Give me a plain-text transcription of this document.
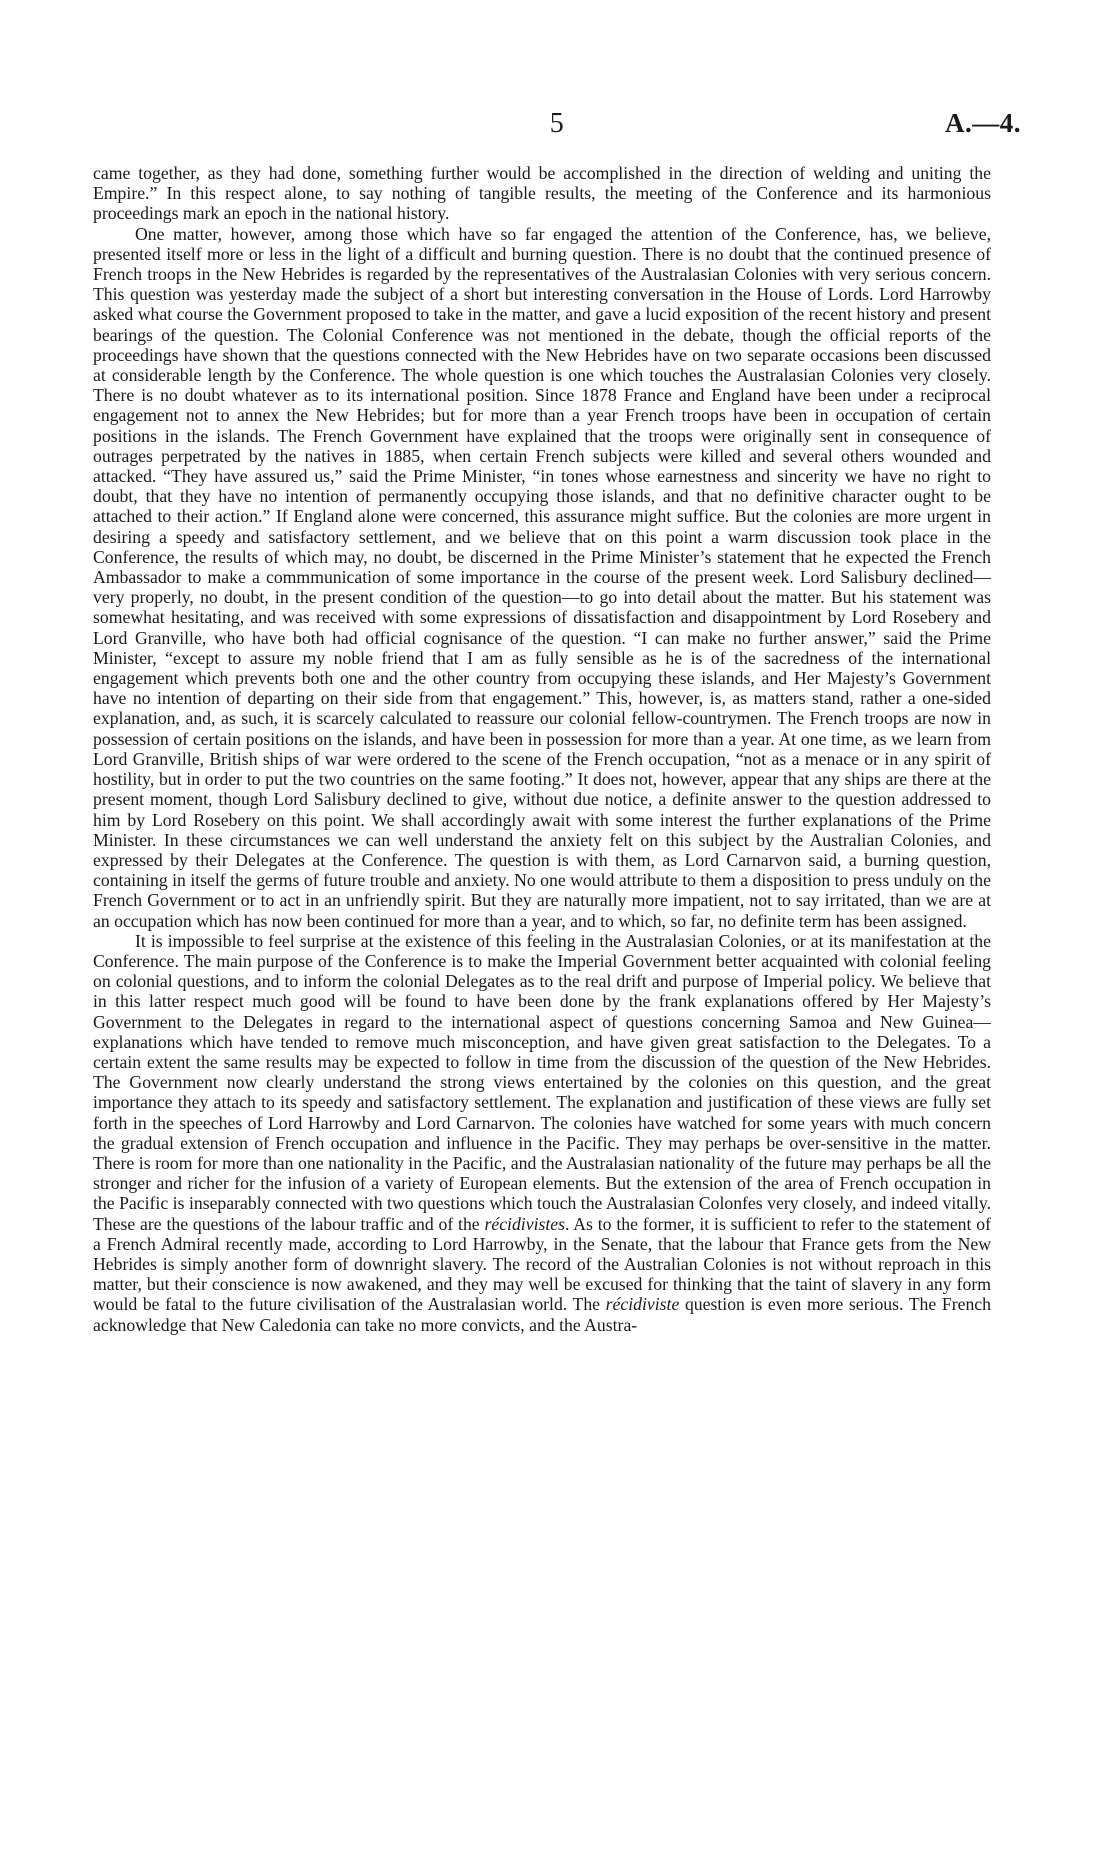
5	A.—4.

came together, as they had done, something further would be accomplished in the direction of welding and uniting the Empire.” In this respect alone, to say nothing of tangible results, the meeting of the Conference and its harmonious proceedings mark an epoch in the national history.

One matter, however, among those which have so far engaged the attention of the Conference, has, we believe, presented itself more or less in the light of a difficult and burning question. There is no doubt that the continued presence of French troops in the New Hebrides is regarded by the representatives of the Australasian Colonies with very serious concern. This question was yesterday made the subject of a short but interesting conversation in the House of Lords. Lord Harrowby asked what course the Government proposed to take in the matter, and gave a lucid exposition of the recent history and present bearings of the question. The Colonial Conference was not mentioned in the debate, though the official reports of the proceedings have shown that the questions connected with the New Hebrides have on two separate occasions been discussed at considerable length by the Conference. The whole question is one which touches the Australasian Colonies very closely. There is no doubt whatever as to its international position. Since 1878 France and England have been under a reciprocal engagement not to annex the New Hebrides; but for more than a year French troops have been in occupation of certain positions in the islands. The French Government have explained that the troops were originally sent in consequence of outrages perpetrated by the natives in 1885, when certain French subjects were killed and several others wounded and attacked. “They have assured us,” said the Prime Minister, “in tones whose earnestness and sincerity we have no right to doubt, that they have no intention of permanently occupying those islands, and that no definitive character ought to be attached to their action.” If England alone were concerned, this assurance might suffice. But the colonies are more urgent in desiring a speedy and satisfactory settlement, and we believe that on this point a warm discussion took place in the Conference, the results of which may, no doubt, be discerned in the Prime Minister’s statement that he expected the French Ambassador to make a commmunication of some importance in the course of the present week. Lord Salisbury declined—very properly, no doubt, in the present condition of the question—to go into detail about the matter. But his statement was somewhat hesitating, and was received with some expressions of dissatisfaction and disappointment by Lord Rosebery and Lord Granville, who have both had official cognisance of the question. “I can make no further answer,” said the Prime Minister, “except to assure my noble friend that I am as fully sensible as he is of the sacredness of the international engagement which prevents both one and the other country from occupying these islands, and Her Majesty’s Government have no intention of departing on their side from that engagement.” This, however, is, as matters stand, rather a one-sided explanation, and, as such, it is scarcely calculated to reassure our colonial fellow-countrymen. The French troops are now in possession of certain positions on the islands, and have been in possession for more than a year. At one time, as we learn from Lord Granville, British ships of war were ordered to the scene of the French occupation, “not as a menace or in any spirit of hostility, but in order to put the two countries on the same footing.” It does not, however, appear that any ships are there at the present moment, though Lord Salisbury declined to give, without due notice, a definite answer to the question addressed to him by Lord Rosebery on this point. We shall accordingly await with some interest the further explanations of the Prime Minister. In these circumstances we can well understand the anxiety felt on this subject by the Australian Colonies, and expressed by their Delegates at the Conference. The question is with them, as Lord Carnarvon said, a burning question, containing in itself the germs of future trouble and anxiety. No one would attribute to them a disposition to press unduly on the French Government or to act in an unfriendly spirit. But they are naturally more impatient, not to say irritated, than we are at an occupation which has now been continued for more than a year, and to which, so far, no definite term has been assigned.

It is impossible to feel surprise at the existence of this feeling in the Australasian Colonies, or at its manifestation at the Conference. The main purpose of the Conference is to make the Imperial Government better acquainted with colonial feeling on colonial questions, and to inform the colonial Delegates as to the real drift and purpose of Imperial policy. We believe that in this latter respect much good will be found to have been done by the frank explanations offered by Her Majesty’s Government to the Delegates in regard to the international aspect of questions concerning Samoa and New Guinea—explanations which have tended to remove much misconception, and have given great satisfaction to the Delegates. To a certain extent the same results may be expected to follow in time from the discussion of the question of the New Hebrides. The Government now clearly understand the strong views entertained by the colonies on this question, and the great importance they attach to its speedy and satisfactory settlement. The explanation and justification of these views are fully set forth in the speeches of Lord Harrowby and Lord Carnarvon. The colonies have watched for some years with much concern the gradual extension of French occupation and influence in the Pacific. They may perhaps be over-sensitive in the matter. There is room for more than one nationality in the Pacific, and the Australasian nationality of the future may perhaps be all the stronger and richer for the infusion of a variety of European elements. But the extension of the area of French occupation in the Pacific is inseparably connected with two questions which touch the Australasian Colonfes very closely, and indeed vitally. These are the questions of the labour traffic and of the récidivistes. As to the former, it is sufficient to refer to the statement of a French Admiral recently made, according to Lord Harrowby, in the Senate, that the labour that France gets from the New Hebrides is simply another form of downright slavery. The record of the Australian Colonies is not without reproach in this matter, but their conscience is now awakened, and they may well be excused for thinking that the taint of slavery in any form would be fatal to the future civilisation of the Australasian world. The récidiviste question is even more serious. The French acknowledge that New Caledonia can take no more convicts, and the Austra-
